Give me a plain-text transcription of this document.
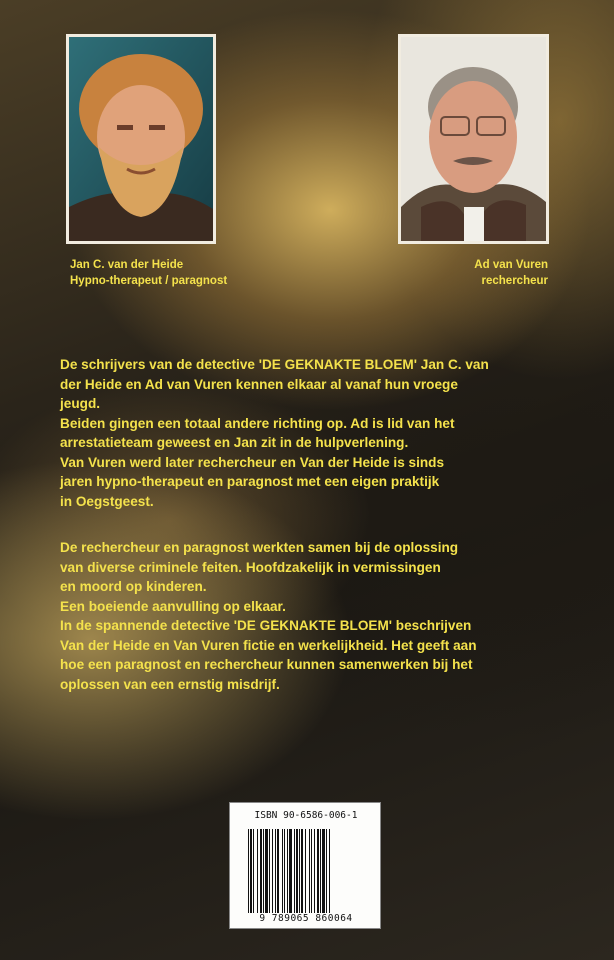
Jan C. van der Heide
Hypno-therapeut / paragnost
Ad van Vuren
rechercheur
De schrijvers van de detective 'DE GEKNAKTE BLOEM' Jan C. van
der Heide en Ad van Vuren kennen elkaar al vanaf hun vroege
jeugd.
Beiden gingen een totaal andere richting op. Ad is lid van het
arrestatieteam geweest en Jan zit in de hulpverlening.
Van Vuren werd later rechercheur en Van der Heide is sinds
jaren hypno-therapeut en paragnost met een eigen praktijk
in Oegstgeest.
De rechercheur en paragnost werkten samen bij de oplossing
van diverse criminele feiten. Hoofdzakelijk in vermissingen
en moord op kinderen.
Een boeiende aanvulling op elkaar.
In de spannende detective 'DE GEKNAKTE BLOEM' beschrijven
Van der Heide en Van Vuren fictie en werkelijkheid. Het geeft aan
hoe een paragnost en rechercheur kunnen samenwerken bij het
oplossen van een ernstig misdrijf.
ISBN 90-6586-006-1
9 789065 860064
